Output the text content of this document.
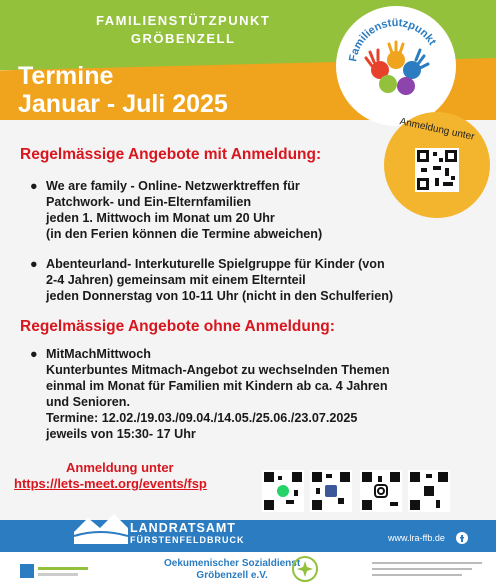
FAMILIENSTÜTZPUNKT
GRÖBENZELL
Termine
Januar - Juli 2025
Familienstützpunkt
Anmeldung unter
Regelmässige Angebote mit Anmeldung:
● We are family - Online- Netzwerktreffen für
Patchwork- und Ein-Elternfamilien
jeden 1. Mittwoch im Monat um 20 Uhr
(in den Ferien können die Termine abweichen)
● Abenteurland- Interkuturelle Spielgruppe für Kinder (von
2-4 Jahren) gemeinsam mit einem Elternteil
jeden Donnerstag von 10-11 Uhr (nicht in den Schulferien)
Regelmässige Angebote ohne Anmeldung:
● MitMachMittwoch
Kunterbuntes Mitmach-Angebot zu wechselnden Themen
einmal im Monat für Familien mit Kindern ab ca. 4 Jahren
und Senioren.
Termine: 12.02./19.03./09.04./14.05./25.06./23.07.2025
jeweils von 15:30- 17 Uhr
Anmeldung unter
https://lets-meet.org/events/fsp
LANDRATSAMT
FÜRSTENFELDBRUCK	www.lra-ffb.de
Oekumenischer Sozialdienst
Gröbenzell e.V.
